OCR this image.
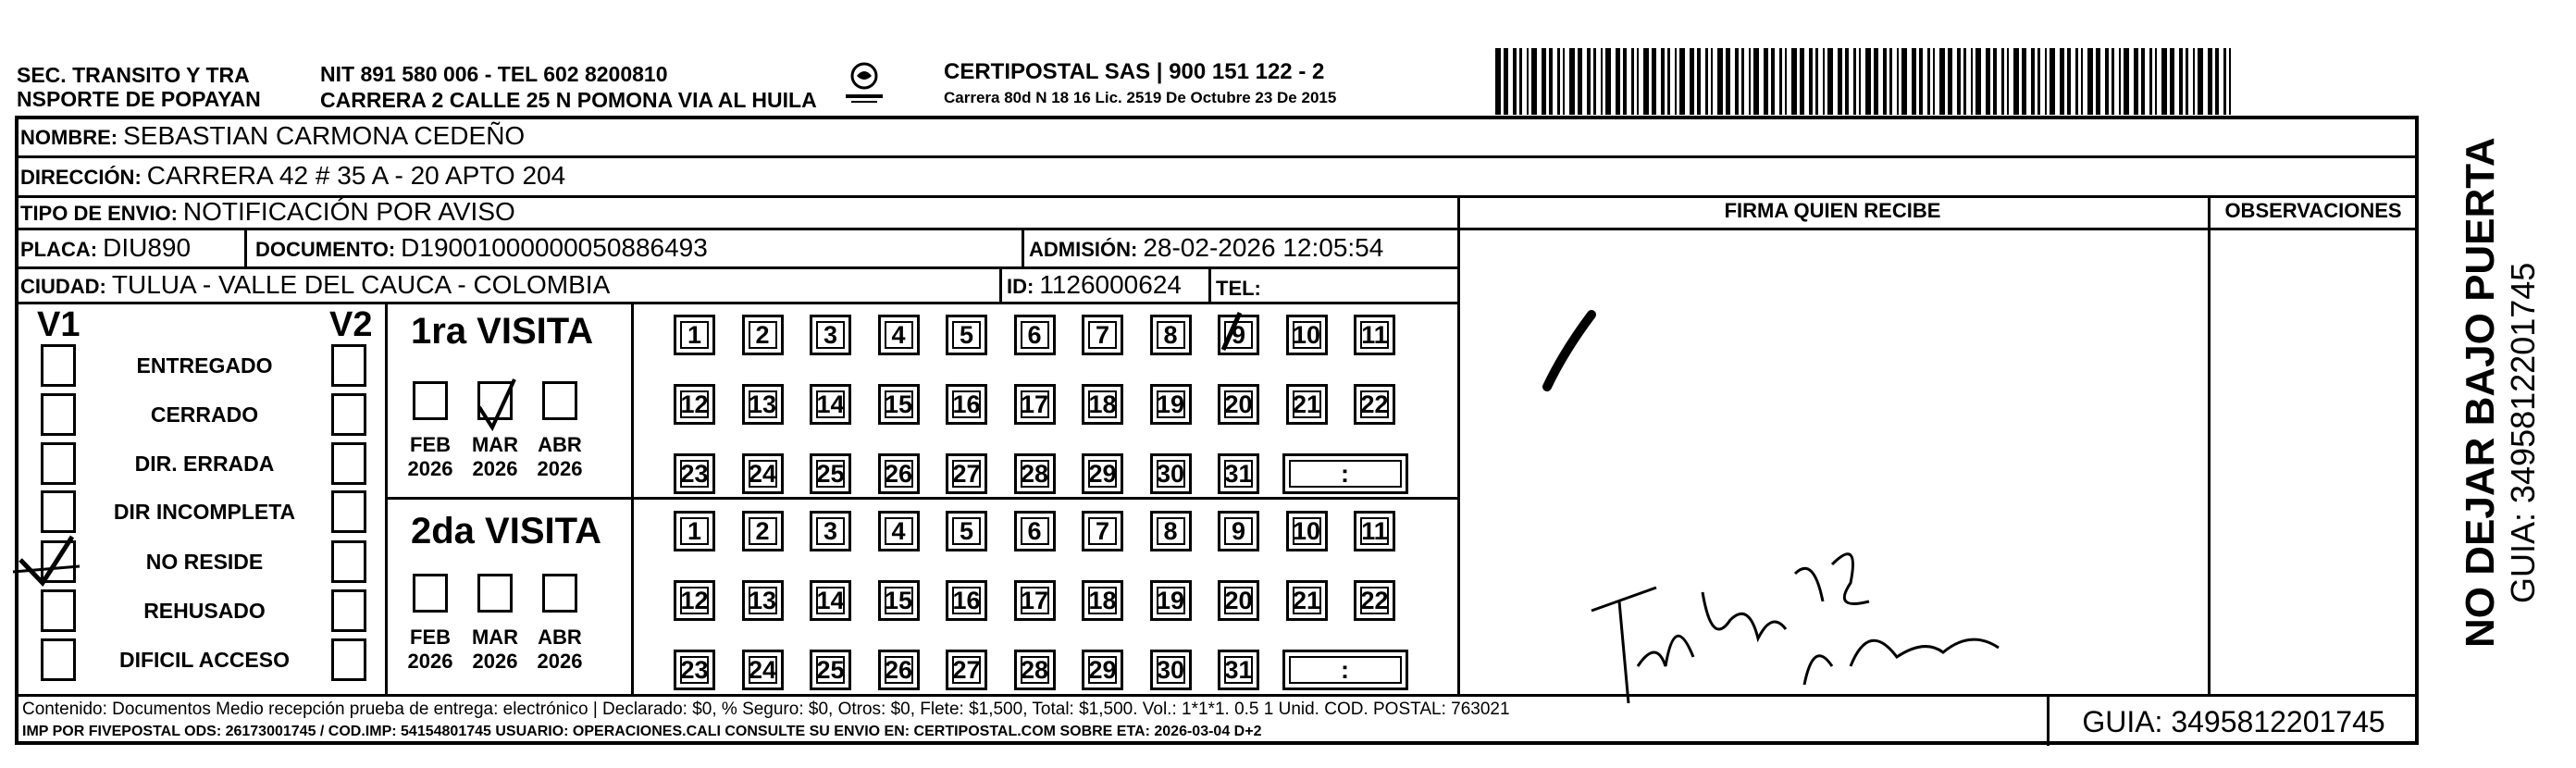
SEC. TRANSITO Y TRA
NSPORTE DE POPAYAN
NIT 891 580 006 - TEL 602 8200810
CARRERA 2 CALLE 25 N POMONA VIA AL HUILA
CERTIPOSTAL SAS | 900 151 122 - 2
Carrera 80d N 18 16 Lic. 2519 De Octubre 23 De 2015
NOMBRE: SEBASTIAN CARMONA CEDEÑO
DIRECCIÓN: CARRERA 42 # 35 A - 20 APTO 204
TIPO DE ENVIO: NOTIFICACIÓN POR AVISO	FIRMA QUIEN RECIBE	OBSERVACIONES
PLACA: DIU890	DOCUMENTO: D19001000000050886493	ADMISIÓN: 28-02-2026 12:05:54
CIUDAD: TULUA - VALLE DEL CAUCA - COLOMBIA	ID: 1126000624 TEL:
V1	V2
ENTREGADO
CERRADO
DIR. ERRADA
DIR INCOMPLETA
NO RESIDE
REHUSADO
DIFICIL ACCESO
1ra VISITA
2da VISITA
FEB
2026
MAR
2026
ABR
2026
FEB
2026
MAR
2026
ABR
2026
1	2	3	4	5	6	7	8	9	10	11
12 13 14 15 16 17 18 19 20 21 22
23 24 25 26 27 28 29 30 31	:
1	2	3	4	5	6	7	8	9	10	11
12 13 14 15 16 17 18 19 20 21 22
23 24 25 26 27 28 29 30 31	:
NO DEJAR BAJO PUERTA GUIA: 3495812201745
Contenido: Documentos Medio recepción prueba de entrega: electrónico | Declarado: $0, % Seguro: $0, Otros: $0, Flete: $1,500, Total: $1,500. Vol.: 1*1*1. 0.5 1 Unid. COD. POSTAL: 763021
IMP POR FIVEPOSTAL ODS: 26173001745 / COD.IMP: 54154801745 USUARIO: OPERACIONES.CALI CONSULTE SU ENVIO EN: CERTIPOSTAL.COM SOBRE ETA: 2026-03-04 D+2	GUIA: 3495812201745
